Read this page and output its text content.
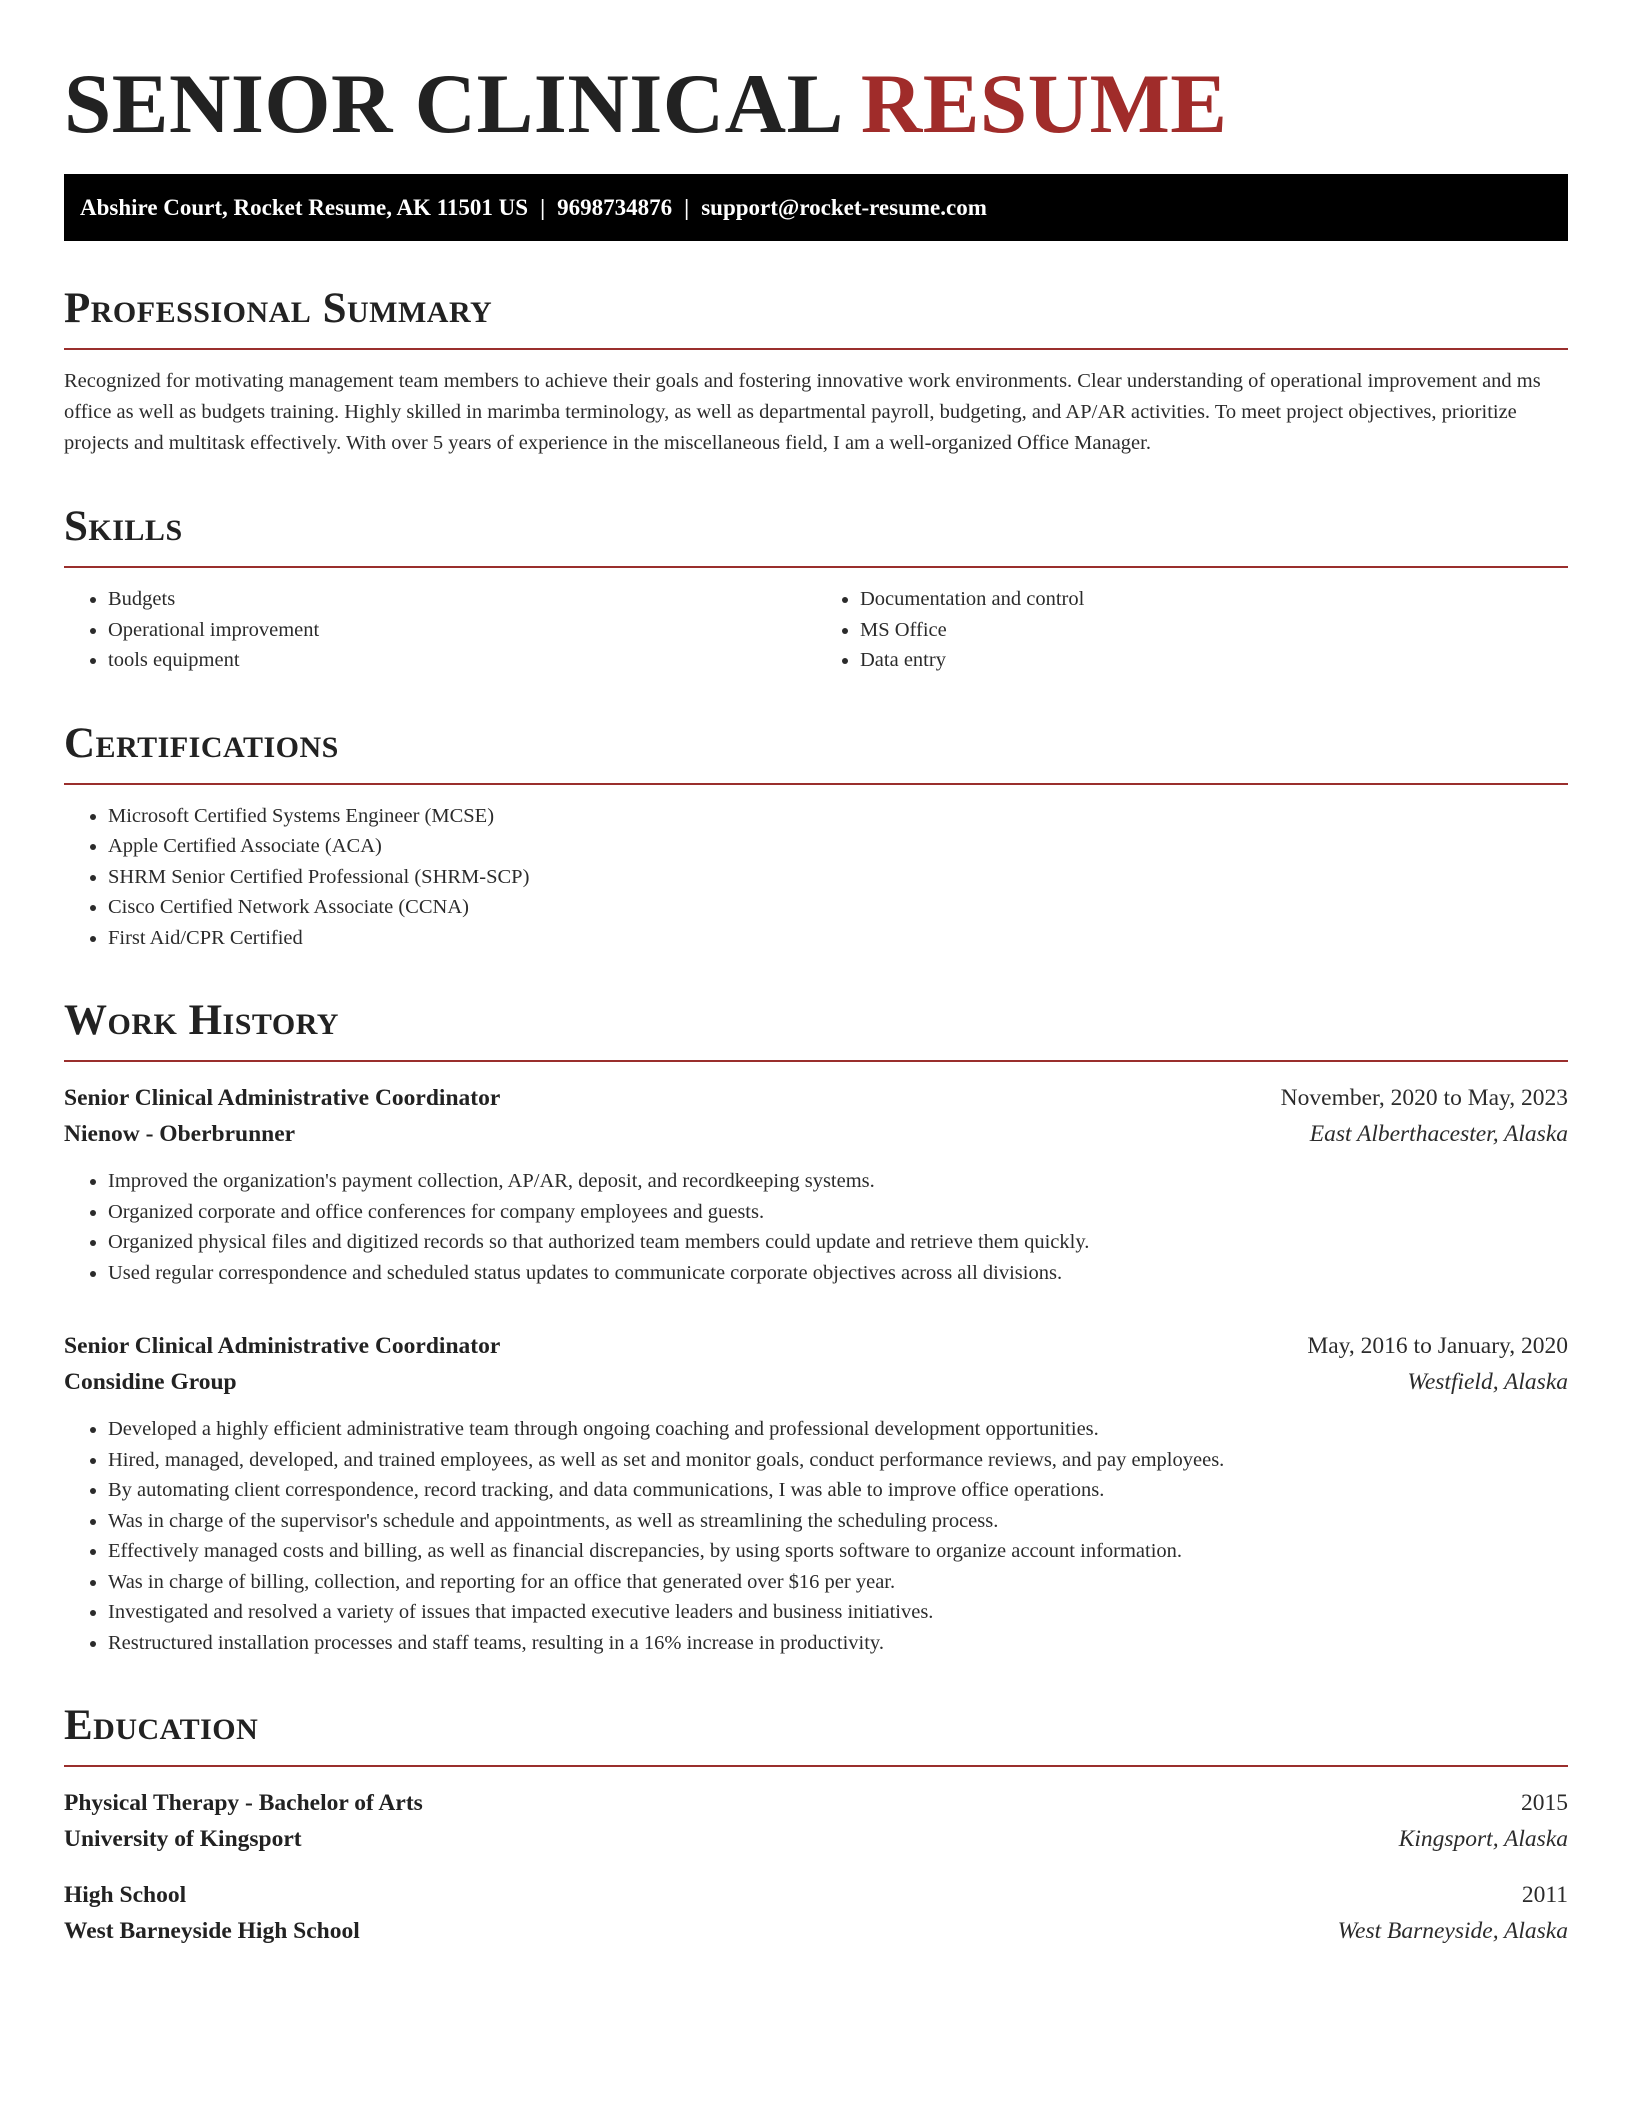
SENIOR CLINICAL RESUME
Abshire Court, Rocket Resume, AK 11501 US | 9698734876 | support@rocket-resume.com
Professional Summary

Recognized for motivating management team members to achieve their goals and fostering innovative work environments. Clear understanding of operational improvement and ms office as well as budgets training. Highly skilled in marimba terminology, as well as departmental payroll, budgeting, and AP/AR activities. To meet project objectives, prioritize projects and multitask effectively. With over 5 years of experience in the miscellaneous field, I am a well-organized Office Manager.

Skills
• Budgets
• Operational improvement
• tools equipment
• Documentation and control
• MS Office
• Data entry
Certifications
• Microsoft Certified Systems Engineer (MCSE)
• Apple Certified Associate (ACA)
• SHRM Senior Certified Professional (SHRM-SCP)
• Cisco Certified Network Associate (CCNA)
• First Aid/CPR Certified
Work History
Senior Clinical Administrative Coordinator	November, 2020 to May, 2023
Nienow - Oberbrunner	East Alberthacester, Alaska
• Improved the organization's payment collection, AP/AR, deposit, and recordkeeping systems.
• Organized corporate and office conferences for company employees and guests.
• Organized physical files and digitized records so that authorized team members could update and retrieve them quickly.
• Used regular correspondence and scheduled status updates to communicate corporate objectives across all divisions.
Senior Clinical Administrative Coordinator	May, 2016 to January, 2020
Considine Group	Westfield, Alaska
• Developed a highly efficient administrative team through ongoing coaching and professional development opportunities.
• Hired, managed, developed, and trained employees, as well as set and monitor goals, conduct performance reviews, and pay employees.
• By automating client correspondence, record tracking, and data communications, I was able to improve office operations.
• Was in charge of the supervisor's schedule and appointments, as well as streamlining the scheduling process.
• Effectively managed costs and billing, as well as financial discrepancies, by using sports software to organize account information.
• Was in charge of billing, collection, and reporting for an office that generated over $16 per year.
• Investigated and resolved a variety of issues that impacted executive leaders and business initiatives.
• Restructured installation processes and staff teams, resulting in a 16% increase in productivity.
Education
Physical Therapy - Bachelor of Arts	2015
University of Kingsport	Kingsport, Alaska
High School	2011
West Barneyside High School	West Barneyside, Alaska
